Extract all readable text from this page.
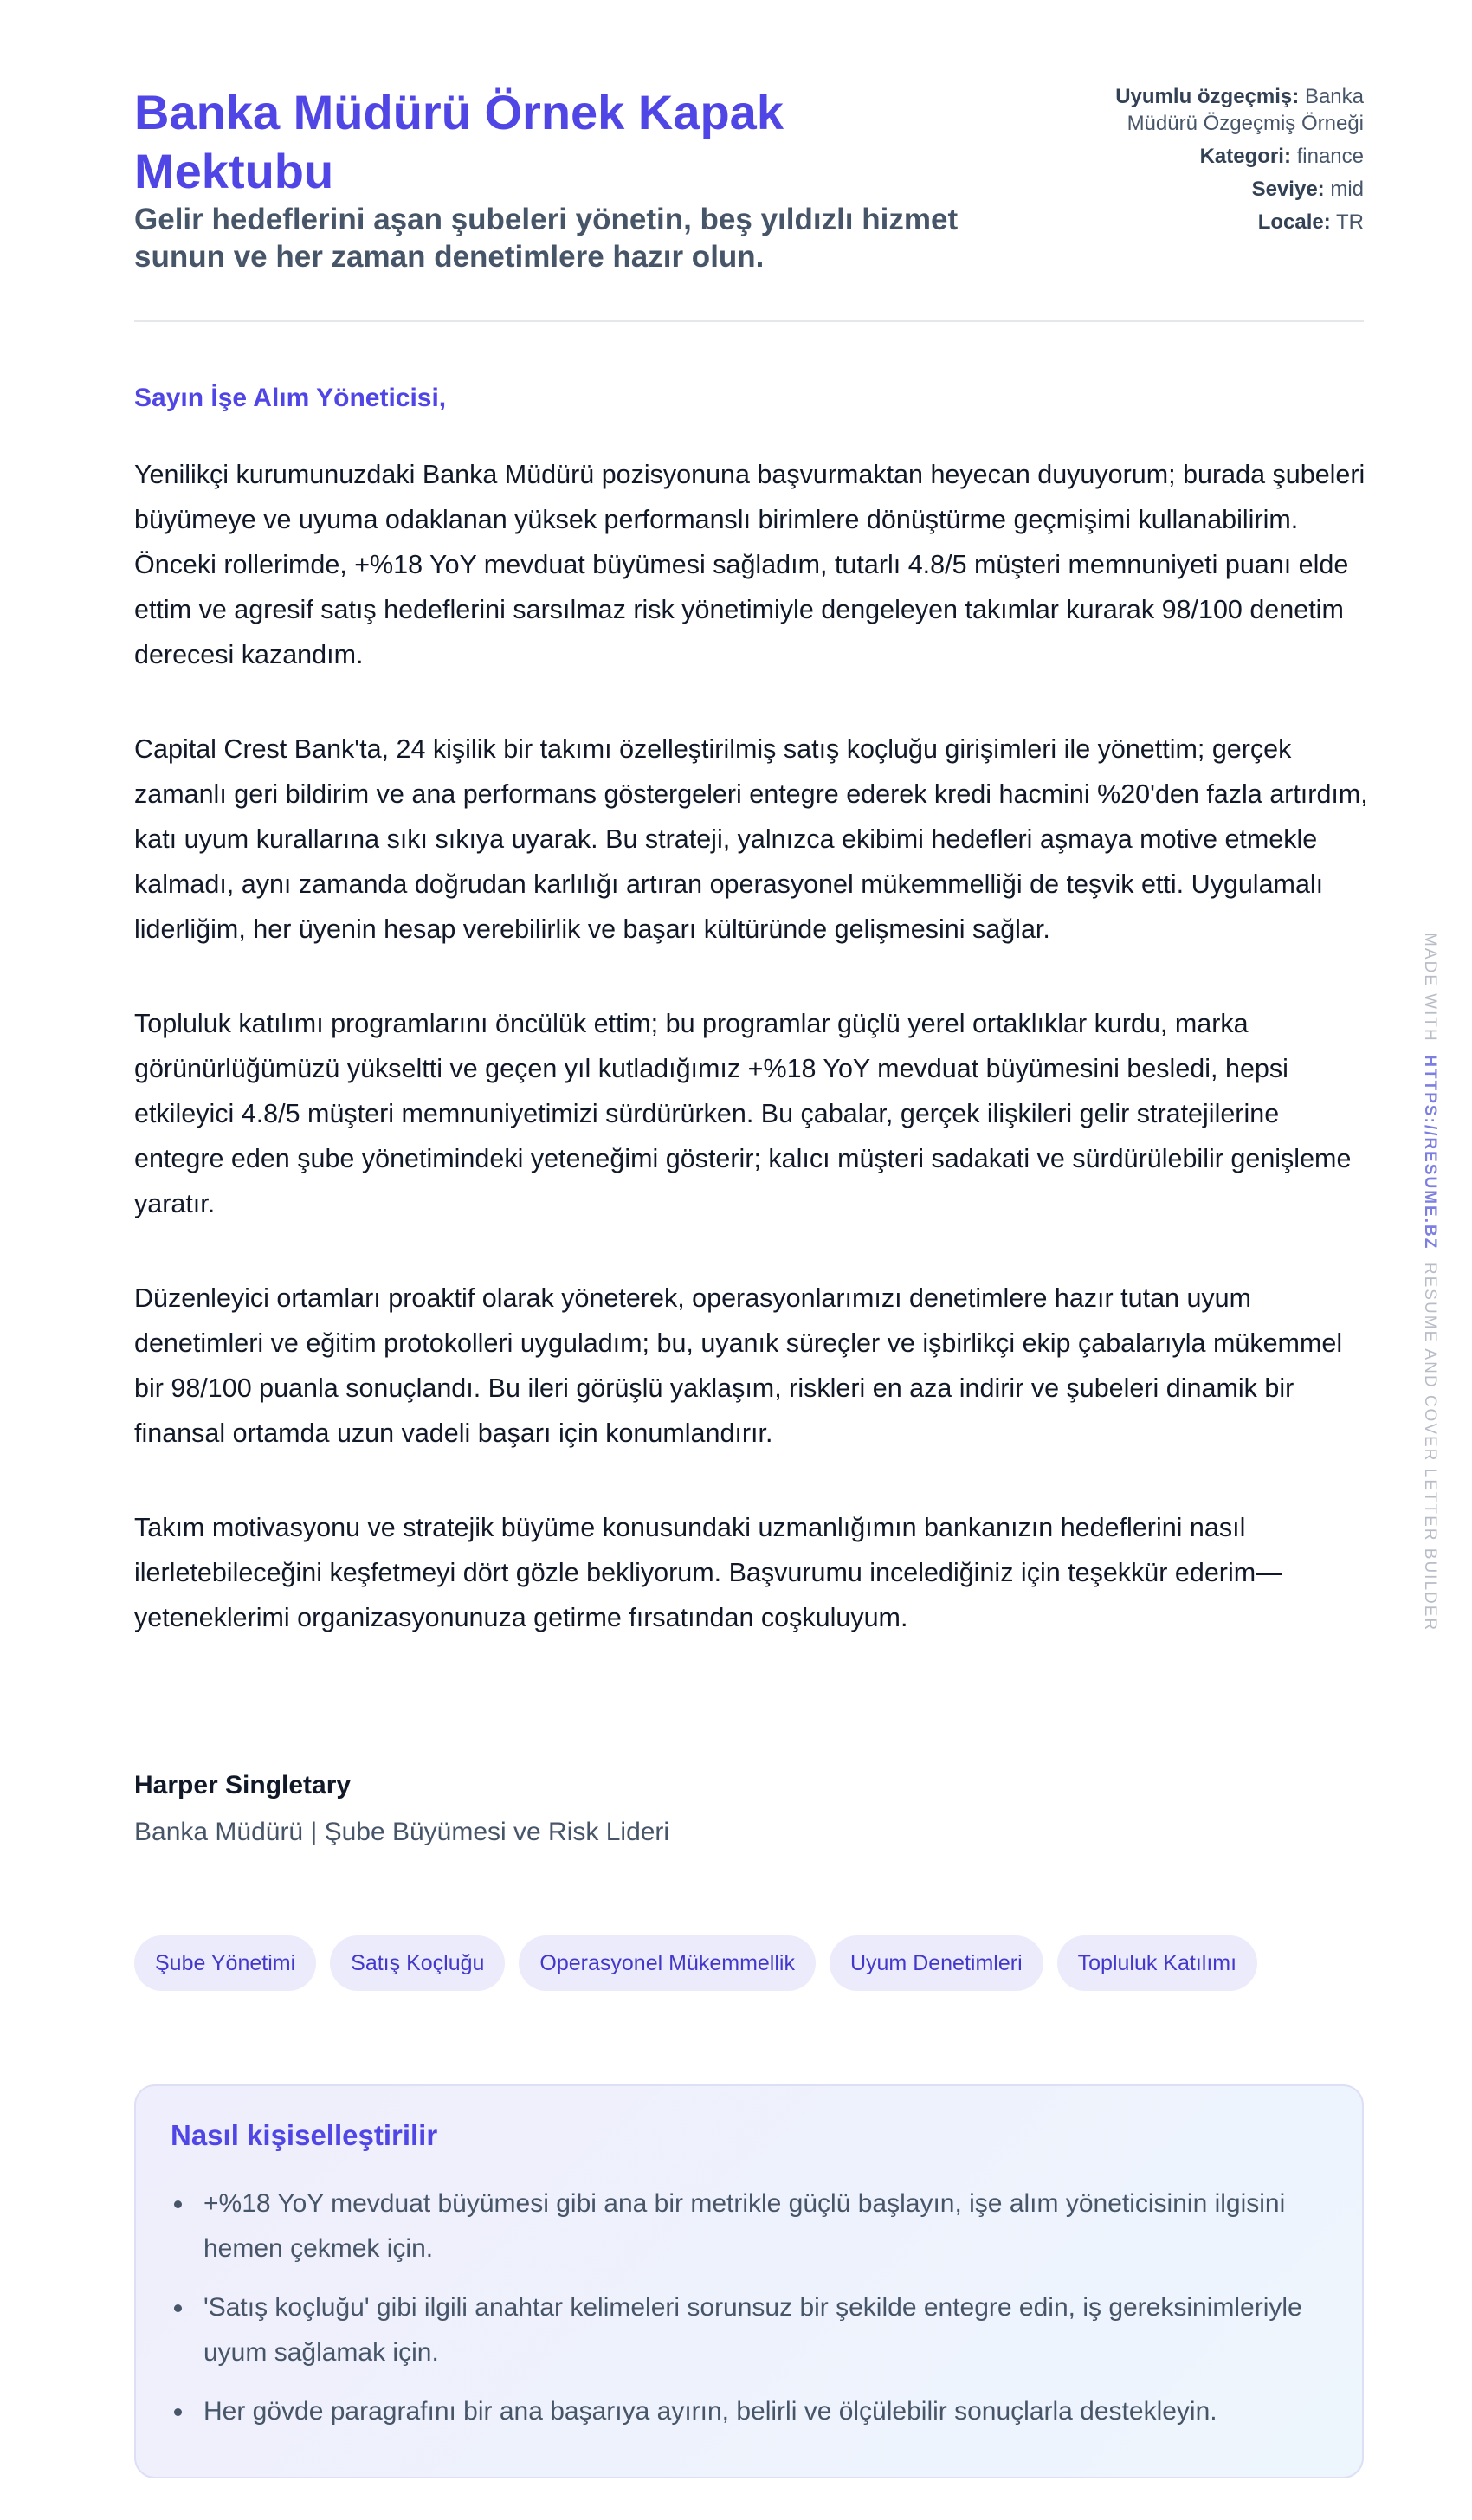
Banka Müdürü Örnek Kapak Mektubu
Gelir hedeflerini aşan şubeleri yönetin, beş yıldızlı hizmet sunun ve her zaman denetimlere hazır olun.
Uyumlu özgeçmiş: Banka Müdürü Özgeçmiş Örneği
Kategori: finance
Seviye: mid
Locale: TR
Sayın İşe Alım Yöneticisi,

Yenilikçi kurumunuzdaki Banka Müdürü pozisyonuna başvurmaktan heyecan duyuyorum; burada şubeleri büyümeye ve uyuma odaklanan yüksek performanslı birimlere dönüştürme geçmişimi kullanabilirim. Önceki rollerimde, +%18 YoY mevduat büyümesi sağladım, tutarlı 4.8/5 müşteri memnuniyeti puanı elde ettim ve agresif satış hedeflerini sarsılmaz risk yönetimiyle dengeleyen takımlar kurarak 98/100 denetim derecesi kazandım.

Capital Crest Bank'ta, 24 kişilik bir takımı özelleştirilmiş satış koçluğu girişimleri ile yönettim; gerçek zamanlı geri bildirim ve ana performans göstergeleri entegre ederek kredi hacmini %20'den fazla artırdım, katı uyum kurallarına sıkı sıkıya uyarak. Bu strateji, yalnızca ekibimi hedefleri aşmaya motive etmekle kalmadı, aynı zamanda doğrudan karlılığı artıran operasyonel mükemmelliği de teşvik etti. Uygulamalı liderliğim, her üyenin hesap verebilirlik ve başarı kültüründe gelişmesini sağlar.

Topluluk katılımı programlarını öncülük ettim; bu programlar güçlü yerel ortaklıklar kurdu, marka görünürlüğümüzü yükseltti ve geçen yıl kutladığımız +%18 YoY mevduat büyümesini besledi, hepsi etkileyici 4.8/5 müşteri memnuniyetimizi sürdürürken. Bu çabalar, gerçek ilişkileri gelir stratejilerine entegre eden şube yönetimindeki yeteneğimi gösterir; kalıcı müşteri sadakati ve sürdürülebilir genişleme yaratır.

Düzenleyici ortamları proaktif olarak yöneterek, operasyonlarımızı denetimlere hazır tutan uyum denetimleri ve eğitim protokolleri uyguladım; bu, uyanık süreçler ve işbirlikçi ekip çabalarıyla mükemmel bir 98/100 puanla sonuçlandı. Bu ileri görüşlü yaklaşım, riskleri en aza indirir ve şubeleri dinamik bir finansal ortamda uzun vadeli başarı için konumlandırır.

Takım motivasyonu ve stratejik büyüme konusundaki uzmanlığımın bankanızın hedeflerini nasıl ilerletebileceğini keşfetmeyi dört gözle bekliyorum. Başvurumu incelediğiniz için teşekkür ederim—yeteneklerimi organizasyonunuza getirme fırsatından coşkuluyum.

Harper Singletary
Banka Müdürü | Şube Büyümesi ve Risk Lideri
Şube Yönetimi	Satış Koçluğu	Operasyonel Mükemmellik	Uyum Denetimleri	Topluluk Katılımı
Nasıl kişiselleştirilir
+%18 YoY mevduat büyümesi gibi ana bir metrikle güçlü başlayın, işe alım yöneticisinin ilgisini hemen çekmek için.
'Satış koçluğu' gibi ilgili anahtar kelimeleri sorunsuz bir şekilde entegre edin, iş gereksinimleriyle uyum sağlamak için.
Her gövde paragrafını bir ana başarıya ayırın, belirli ve ölçülebilir sonuçlarla destekleyin.
MADE WITH  HTTPS://RESUME.BZ  RESUME AND COVER LETTER BUILDER
